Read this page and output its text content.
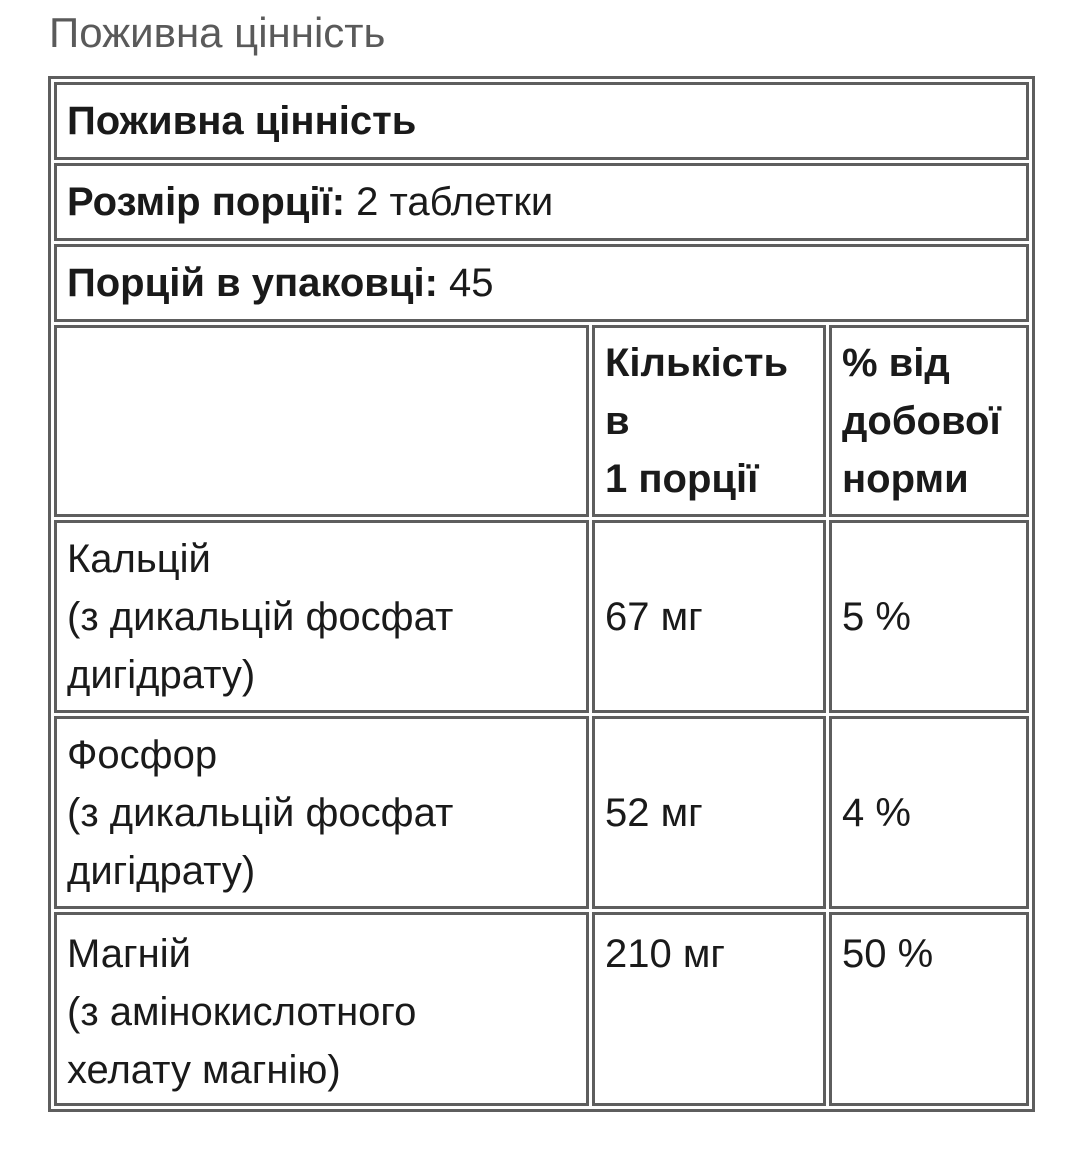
Поживна цінність
Поживна цінність		
Розмір порції: 2 таблетки		
Порцій в упаковці: 45		
	Кількість
в
1 порції	% від
добової
норми
Кальцій
(з дикальцій фосфат
дигідрату)	67 мг	5 %
Фосфор
(з дикальцій фосфат
дигідрату)	52 мг	4 %
Магній
(з амінокислотного
хелату магнію)	210 мг	50 %
